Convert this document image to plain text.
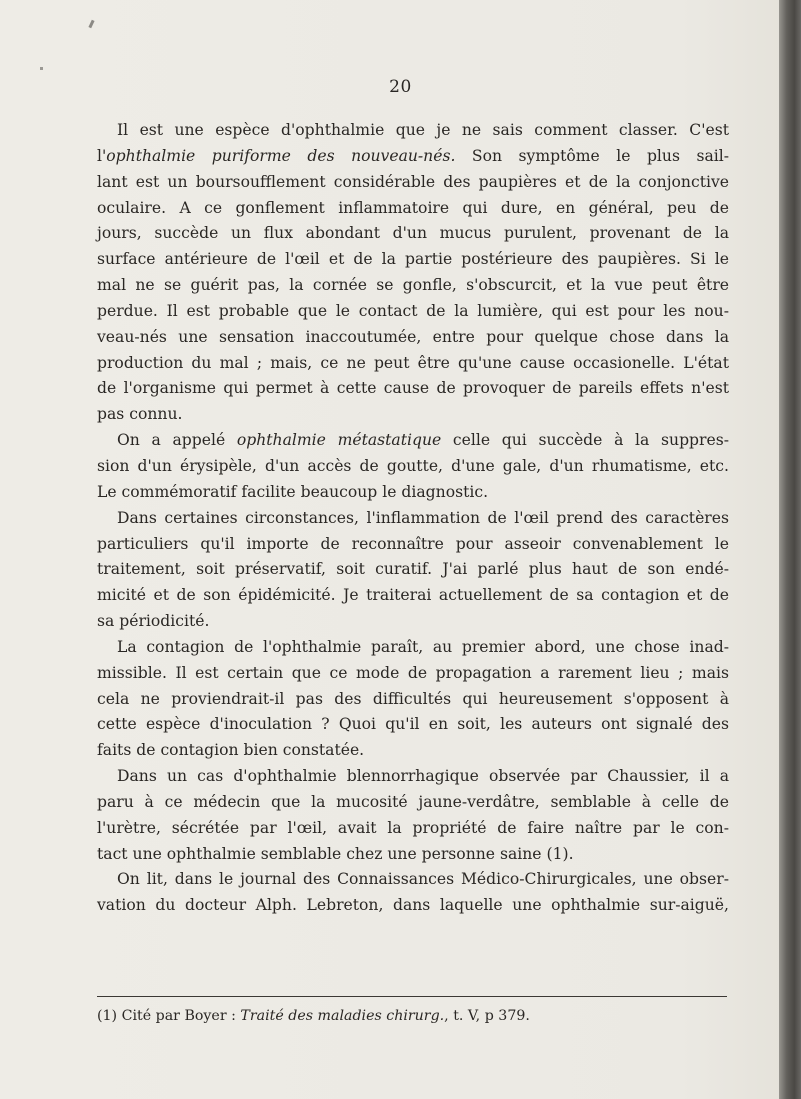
20
Il est une espèce d'ophthalmie que je ne sais comment classer. C'est
l'ophthalmie puriforme des nouveau-nés. Son symptôme le plus sail-
lant est un boursoufflement considérable des paupières et de la conjonctive
oculaire. A ce gonflement inflammatoire qui dure, en général, peu de
jours, succède un flux abondant d'un mucus purulent, provenant de la
surface antérieure de l'œil et de la partie postérieure des paupières. Si le
mal ne se guérit pas, la cornée se gonfle, s'obscurcit, et la vue peut être
perdue. Il est probable que le contact de la lumière, qui est pour les nou-
veau-nés une sensation inaccoutumée, entre pour quelque chose dans la
production du mal ; mais, ce ne peut être qu'une cause occasionelle. L'état
de l'organisme qui permet à cette cause de provoquer de pareils effets n'est
pas connu.
On a appelé ophthalmie métastatique celle qui succède à la suppres-
sion d'un érysipèle, d'un accès de goutte, d'une gale, d'un rhumatisme, etc.
Le commémoratif facilite beaucoup le diagnostic.
Dans certaines circonstances, l'inflammation de l'œil prend des caractères
particuliers qu'il importe de reconnaître pour asseoir convenablement le
traitement, soit préservatif, soit curatif. J'ai parlé plus haut de son endé-
micité et de son épidémicité. Je traiterai actuellement de sa contagion et de
sa périodicité.
La contagion de l'ophthalmie paraît, au premier abord, une chose inad-
missible. Il est certain que ce mode de propagation a rarement lieu ; mais
cela ne proviendrait-il pas des difficultés qui heureusement s'opposent à
cette espèce d'inoculation ? Quoi qu'il en soit, les auteurs ont signalé des
faits de contagion bien constatée.
Dans un cas d'ophthalmie blennorrhagique observée par Chaussier, il a
paru à ce médecin que la mucosité jaune-verdâtre, semblable à celle de
l'urètre, sécrétée par l'œil, avait la propriété de faire naître par le con-
tact une ophthalmie semblable chez une personne saine (1).
On lit, dans le journal des Connaissances Médico-Chirurgicales, une obser-
vation du docteur Alph. Lebreton, dans laquelle une ophthalmie sur-aiguë,
(1) Cité par Boyer : Traité des maladies chirurg., t. V, p 379.
